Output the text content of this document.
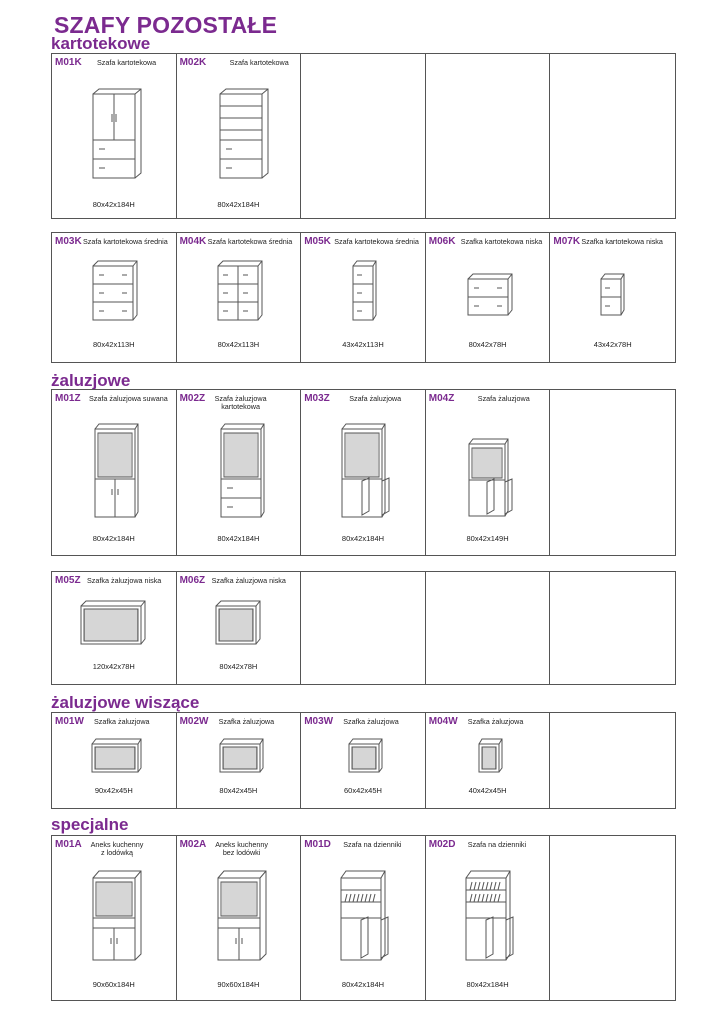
SZAFY POZOSTAŁE
kartotekowe
M01K Szafa kartotekowa
80x42x184H
M02K	Szafa kartotekowa
80x42x184H
M03K Szafa kartotekowa średnia
80x42x113H
M04K Szafa kartotekowa średnia
80x42x113H
M05K Szafa kartotekowa średnia
43x42x113H
M06K Szafka kartotekowa niska
80x42x78H
M07K Szafka kartotekowa niska
43x42x78H
żaluzjowe
M01Z Szafa żaluzjowa suwana
80x42x184H
M02Z	Szafa żaluzjowa
kartotekowa
80x42x184H
M03Z	Szafa żaluzjowa
80x42x184H
M04Z	Szafa żaluzjowa
80x42x149H
M05Z Szafka żaluzjowa niska
120x42x78H
M06Z Szafka żaluzjowa niska
80x42x78H
żaluzjowe wiszące
M01W Szafka żaluzjowa
90x42x45H
M02W Szafka żaluzjowa
80x42x45H
M03W Szafka żaluzjowa
60x42x45H
M04W Szafka żaluzjowa
40x42x45H
specjalne
M01A	Aneks kuchenny
z lodówką
90x60x184H
M02A	Aneks kuchenny
bez lodówki
90x60x184H
M01D Szafa na dzienniki
80x42x184H
M02D Szafa na dzienniki
80x42x184H
